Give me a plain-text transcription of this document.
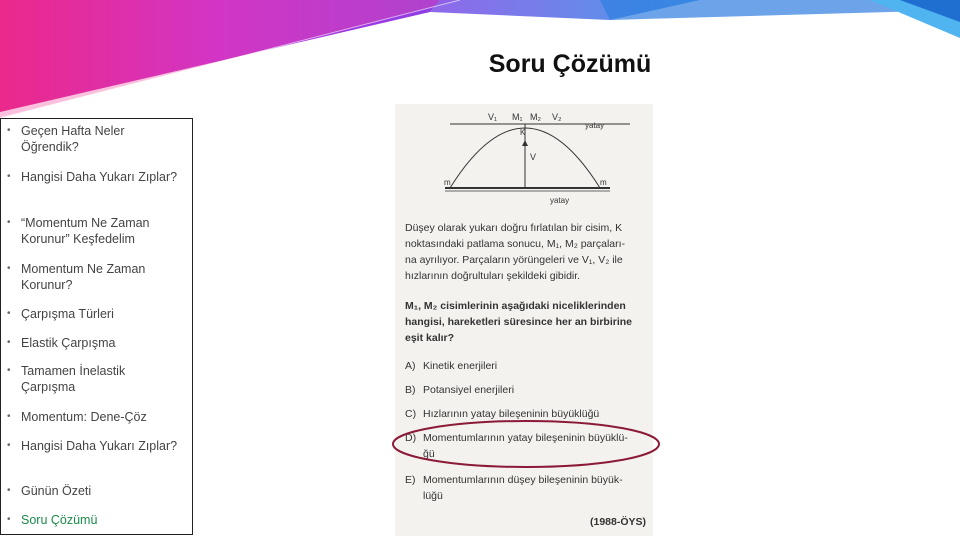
Soru Çözümü
• Geçen Hafta Neler Öğrendik?
• Hangisi Daha Yukarı Zıplar?
• “Momentum Ne Zaman Korunur” Keşfedelim
• Momentum Ne Zaman Korunur?
• Çarpışma Türleri
• Elastik Çarpışma
• Tamamen İnelastik Çarpışma
• Momentum: Dene-Çöz
• Hangisi Daha Yukarı Zıplar?
• Günün Özeti
• Soru Çözümü
V₁ M₁ M₂ V₂
yatay
K
V
m	m
yatay
Düşey olarak yukarı doğru fırlatılan bir cisim, K
noktasındaki patlama sonucu, M₁, M₂ parçaları-
na ayrılıyor. Parçaların yörüngeleri ve V₁, V₂ ile
hızlarının doğrultuları şekildeki gibidir.
M₁, M₂ cisimlerinin aşağıdaki niceliklerinden
hangisi, hareketleri süresince her an birbirine
eşit kalır?
A) Kinetik enerjileri
B) Potansiyel enerjileri
C) Hızlarının yatay bileşeninin büyüklüğü
D) Momentumlarının yatay bileşeninin büyüklü-
ğü
E) Momentumlarının düşey bileşeninin büyük-
lüğü
(1988-ÖYS)
